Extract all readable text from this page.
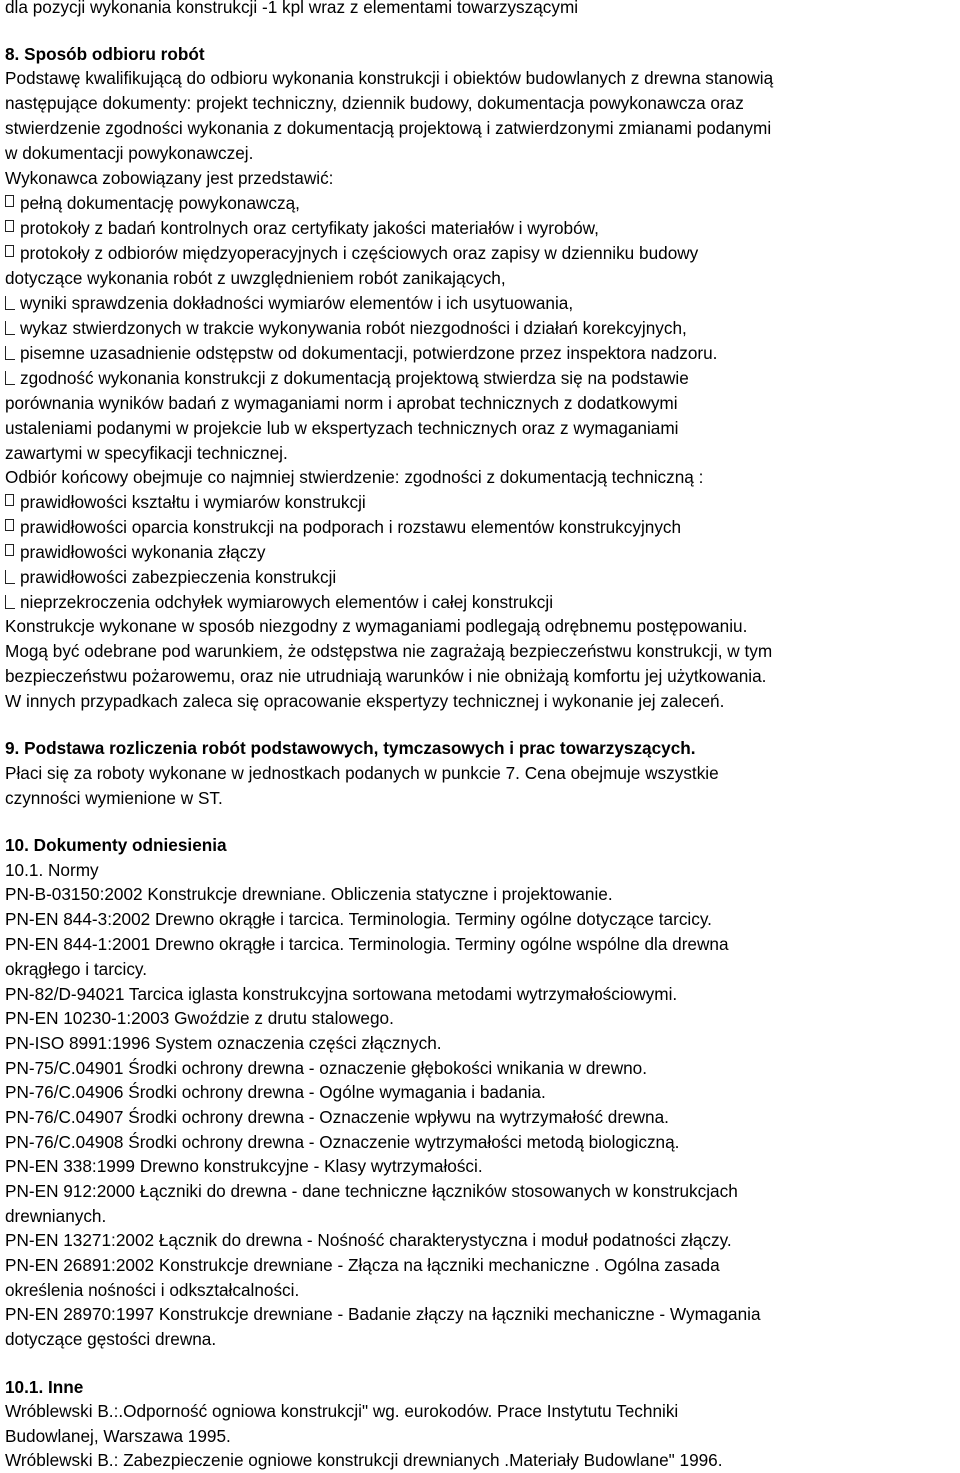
dla pozycji wykonania konstrukcji -1 kpl wraz z elementami towarzyszącymi
8. Sposób odbioru robót
Podstawę kwalifikującą do odbioru wykonania konstrukcji i obiektów budowlanych z drewna stanowią
następujące dokumenty: projekt techniczny, dziennik budowy, dokumentacja powykonawcza oraz
stwierdzenie zgodności wykonania z dokumentacją projektową i zatwierdzonymi zmianami podanymi
w dokumentacji powykonawczej.
Wykonawca zobowiązany jest przedstawić:
pełną dokumentację powykonawczą,
protokoły z badań kontrolnych oraz certyfikaty jakości materiałów i wyrobów,
protokoły z odbiorów międzyoperacyjnych i częściowych oraz zapisy w dzienniku budowy
dotyczące wykonania robót z uwzględnieniem robót zanikających,
wyniki sprawdzenia dokładności wymiarów elementów i ich usytuowania,
wykaz stwierdzonych w trakcie wykonywania robót niezgodności i działań korekcyjnych,
pisemne uzasadnienie odstępstw od dokumentacji, potwierdzone przez inspektora nadzoru.
zgodność wykonania konstrukcji z dokumentacją projektową stwierdza się na podstawie
porównania wyników badań z wymaganiami norm i aprobat technicznych z dodatkowymi
ustaleniami podanymi w projekcie lub w ekspertyzach technicznych oraz z wymaganiami
zawartymi w specyfikacji technicznej.
Odbiór końcowy obejmuje co najmniej stwierdzenie: zgodności z dokumentacją techniczną :
prawidłowości kształtu i wymiarów konstrukcji
prawidłowości oparcia konstrukcji na podporach i rozstawu elementów konstrukcyjnych
prawidłowości wykonania złączy
prawidłowości zabezpieczenia konstrukcji
nieprzekroczenia odchyłek wymiarowych elementów i całej konstrukcji
Konstrukcje wykonane w sposób niezgodny z wymaganiami podlegają odrębnemu postępowaniu.
Mogą być odebrane pod warunkiem, że odstępstwa nie zagrażają bezpieczeństwu konstrukcji, w tym
bezpieczeństwu pożarowemu, oraz nie utrudniają warunków i nie obniżają komfortu jej użytkowania.
W innych przypadkach zaleca się opracowanie ekspertyzy technicznej i wykonanie jej zaleceń.
9. Podstawa rozliczenia robót podstawowych, tymczasowych i prac towarzyszących.
Płaci się za roboty wykonane w jednostkach podanych w punkcie 7. Cena obejmuje wszystkie
czynności wymienione w ST.
10. Dokumenty odniesienia
10.1. Normy
PN-B-03150:2002 Konstrukcje drewniane. Obliczenia statyczne i projektowanie.
PN-EN 844-3:2002 Drewno okrągłe i tarcica. Terminologia. Terminy ogólne dotyczące tarcicy.
PN-EN 844-1:2001 Drewno okrągłe i tarcica. Terminologia. Terminy ogólne wspólne dla drewna
okrągłego i tarcicy.
PN-82/D-94021 Tarcica iglasta konstrukcyjna sortowana metodami wytrzymałościowymi.
PN-EN 10230-1:2003 Gwoździe z drutu stalowego.
PN-ISO 8991:1996 System oznaczenia części złącznych.
PN-75/C.04901 Środki ochrony drewna - oznaczenie głębokości wnikania w drewno.
PN-76/C.04906 Środki ochrony drewna - Ogólne wymagania i badania.
PN-76/C.04907 Środki ochrony drewna - Oznaczenie wpływu na wytrzymałość drewna.
PN-76/C.04908 Środki ochrony drewna - Oznaczenie wytrzymałości metodą biologiczną.
PN-EN 338:1999 Drewno konstrukcyjne - Klasy wytrzymałości.
PN-EN 912:2000 Łączniki do drewna - dane techniczne łączników stosowanych w konstrukcjach
drewnianych.
PN-EN 13271:2002 Łącznik do drewna - Nośność charakterystyczna i moduł podatności złączy.
PN-EN 26891:2002 Konstrukcje drewniane - Złącza na łączniki mechaniczne . Ogólna zasada
określenia nośności i odkształcalności.
PN-EN 28970:1997 Konstrukcje drewniane - Badanie złączy na łączniki mechaniczne - Wymagania
dotyczące gęstości drewna.
10.1. Inne
Wróblewski B.:.Odporność ogniowa konstrukcji" wg. eurokodów. Prace Instytutu Techniki
Budowlanej, Warszawa 1995.
Wróblewski B.: Zabezpieczenie ogniowe konstrukcji drewnianych .Materiały Budowlane" 1996.
